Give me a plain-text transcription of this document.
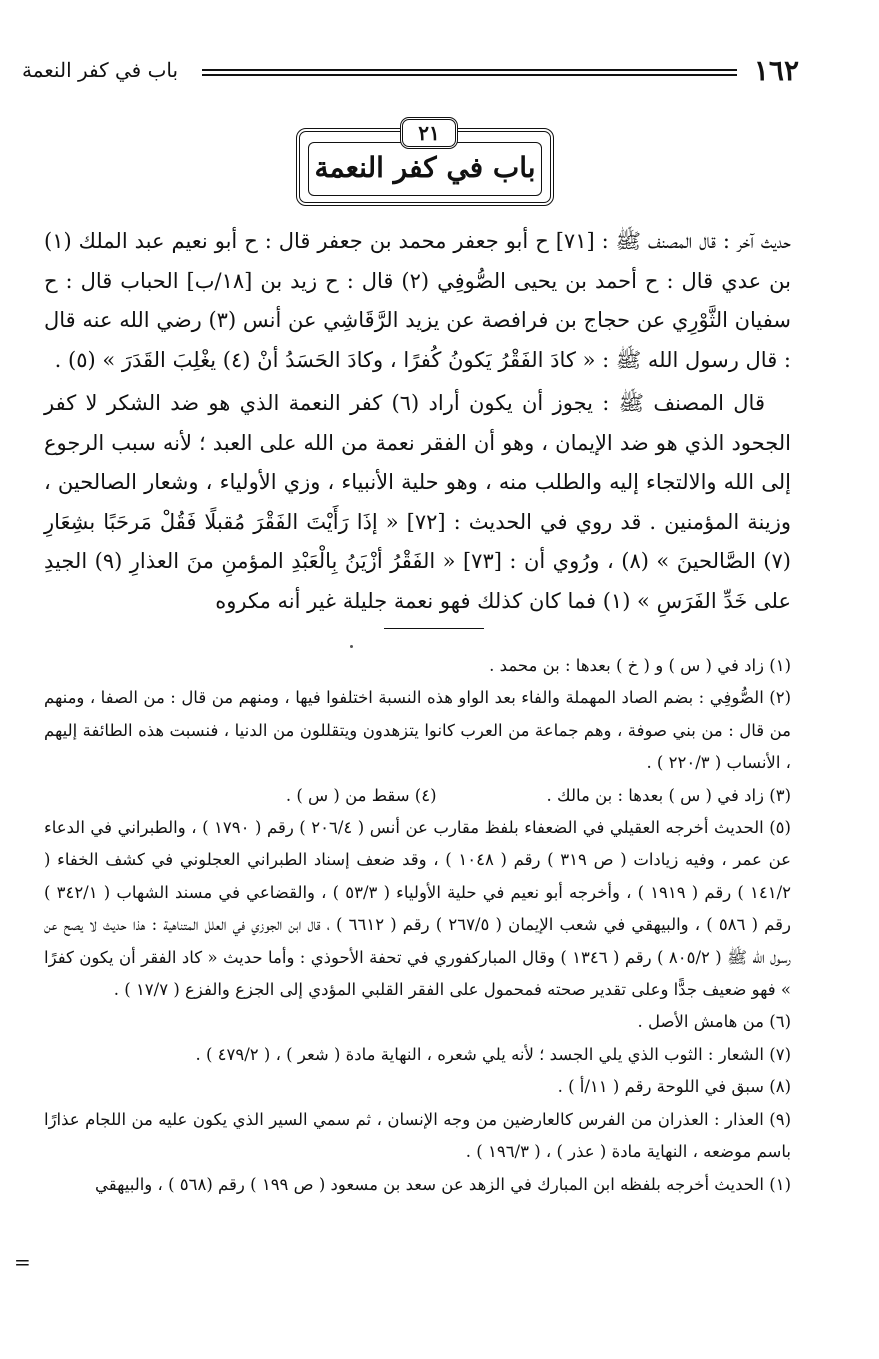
١٦٢
باب في كفر النعمة
٢١
باب في كفر النعمة

حديث آخر : قال المصنف ﷺ : [٧١] ح أبو جعفر محمد بن جعفر قال : ح أبو نعيم عبد الملك (١) بن عدي قال : ح أحمد بن يحيى الصُّوفِي (٢) قال : ح زيد بن [١٨/ب] الحباب قال : ح سفيان الثَّوْرِي عن حجاج بن فرافصة عن يزيد الرَّقَاشِي عن أنس (٣) رضي الله عنه قال : قال رسول الله ﷺ : « كادَ الفَقْرُ يَكونُ كُفرًا ، وكادَ الحَسَدُ أنْ (٤) يغْلِبَ القَدَرَ » (٥) .

قال المصنف ﷺ : يجوز أن يكون أراد (٦) كفر النعمة الذي هو ضد الشكر لا كفر الجحود الذي هو ضد الإيمان ، وهو أن الفقر نعمة من الله على العبد ؛ لأنه سبب الرجوع إلى الله والالتجاء إليه والطلب منه ، وهو حلية الأنبياء ، وزي الأولياء ، وشعار الصالحين ، وزينة المؤمنين . قد روي في الحديث : [٧٢] « إذَا رَأَيْتَ الفَقْرَ مُقبلًا فَقُلْ مَرحَبًا بشِعَارِ (٧) الصَّالحينَ » (٨) ، ورُوي أن : [٧٣] « الفَقْرُ أزْيَنُ بِالْعَبْدِ المؤمنِ منَ العذارِ (٩) الجيدِ على خَدِّ الفَرَسِ » (١) فما كان كذلك فهو نعمة جليلة غير أنه مكروه

(١) زاد في ( س ) و ( خ ) بعدها : بن محمد .

(٢) الصُّوفِي : بضم الصاد المهملة والفاء بعد الواو هذه النسبة اختلفوا فيها ، ومنهم من قال : من الصفا ، ومنهم من قال : من بني صوفة ، وهم جماعة من العرب كانوا يتزهدون ويتقللون من الدنيا ، فنسبت هذه الطائفة إليهم ، الأنساب ( ٢٢٠/٣ ) .

(٣) زاد في ( س ) بعدها : بن مالك .
(٤) سقط من ( س ) .

(٥) الحديث أخرجه العقيلي في الضعفاء بلفظ مقارب عن أنس ( ٢٠٦/٤ ) رقم ( ١٧٩٠ ) ، والطبراني في الدعاء عن عمر ، وفيه زيادات ( ص ٣١٩ ) رقم ( ١٠٤٨ ) ، وقد ضعف إسناد الطبراني العجلوني في كشف الخفاء ( ١٤١/٢ ) رقم ( ١٩١٩ ) ، وأخرجه أبو نعيم في حلية الأولياء ( ٥٣/٣ ) ، والقضاعي في مسند الشهاب ( ٣٤٢/١ ) رقم ( ٥٨٦ ) ، والبيهقي في شعب الإيمان ( ٢٦٧/٥ ) رقم ( ٦٦١٢ ) ، قال ابن الجوزي في العلل المتناهية : هذا حديث لا يصح عن رسول الله ﷺ ( ٨٠٥/٢ ) رقم ( ١٣٤٦ ) وقال المباركفوري في تحفة الأحوذي : وأما حديث « كاد الفقر أن يكون كفرًا » فهو ضعيف جدًّا وعلى تقدير صحته فمحمول على الفقر القلبي المؤدي إلى الجزع والفزع ( ١٧/٧ ) .

(٦) من هامش الأصل .

(٧) الشعار : الثوب الذي يلي الجسد ؛ لأنه يلي شعره ، النهاية مادة ( شعر ) ، ( ٤٧٩/٢ ) .

(٨) سبق في اللوحة رقم ( ١١/أ ) .

(٩) العذار : العذران من الفرس كالعارضين من وجه الإنسان ، ثم سمي السير الذي يكون عليه من اللجام عذارًا باسم موضعه ، النهاية مادة ( عذر ) ، ( ١٩٦/٣ ) .

(١) الحديث أخرجه بلفظه ابن المبارك في الزهد عن سعد بن مسعود ( ص ١٩٩ ) رقم (٥٦٨ ) ، والبيهقي

=
